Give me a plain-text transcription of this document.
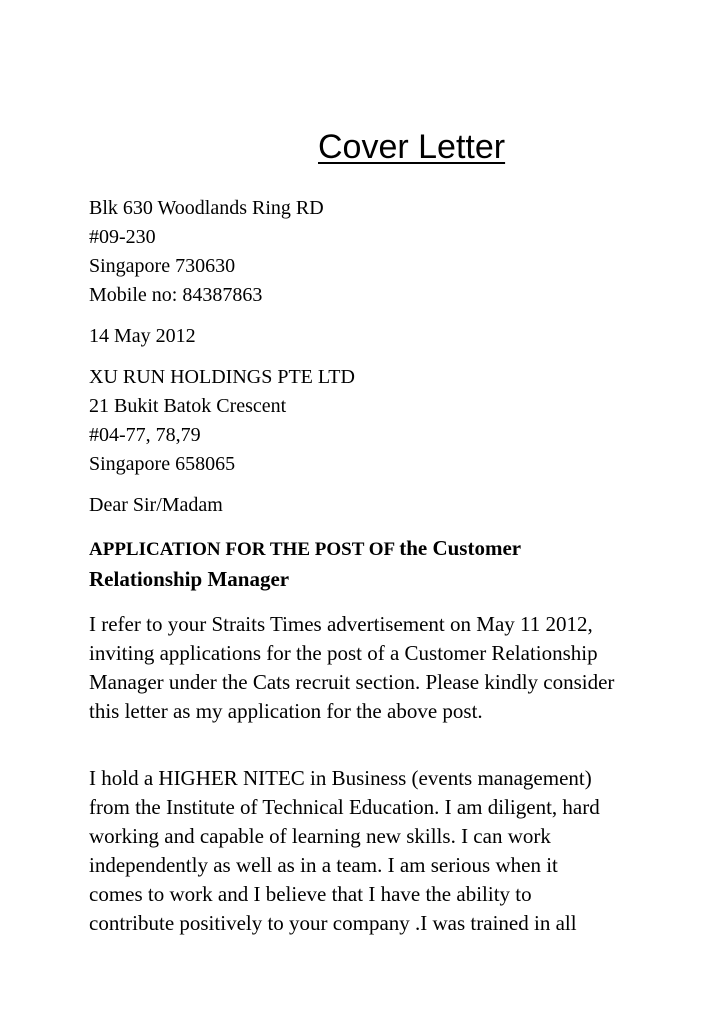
Cover Letter
Blk 630 Woodlands Ring RD
#09-230
Singapore 730630
Mobile no: 84387863
14 May 2012
XU RUN HOLDINGS PTE LTD
21 Bukit Batok Crescent
#04-77, 78,79
Singapore 658065
Dear Sir/Madam
APPLICATION FOR THE POST OF the Customer
Relationship Manager
I refer to your Straits Times advertisement on May 11 2012,
inviting applications for the post of a Customer Relationship
Manager under the Cats recruit section. Please kindly consider
this letter as my application for the above post.
I hold a HIGHER NITEC in Business (events management)
from the Institute of Technical Education. I am diligent, hard
working and capable of learning new skills. I can work
independently as well as in a team. I am serious when it
comes to work and I believe that I have the ability to
contribute positively to your company .I was trained in all
